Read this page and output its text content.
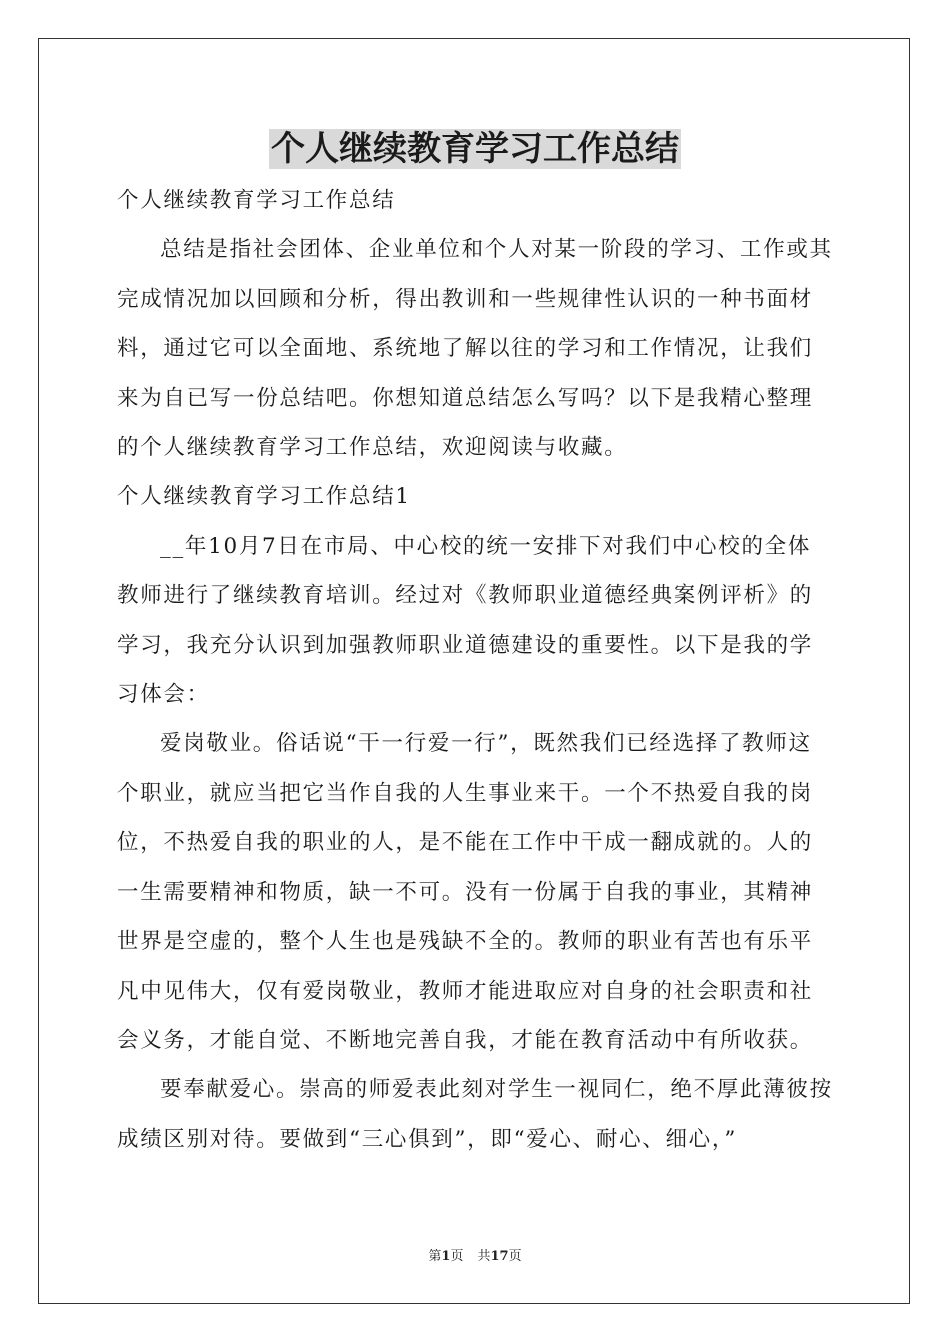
个人继续教育学习工作总结

个人继续教育学习工作总结

总结是指社会团体、企业单位和个人对某一阶段的学习、工作或其完成情况加以回顾和分析，得出教训和一些规律性认识的一种书面材料，通过它可以全面地、系统地了解以往的学习和工作情况，让我们来为自已写一份总结吧。你想知道总结怎么写吗？以下是我精心整理的个人继续教育学习工作总结，欢迎阅读与收藏。

个人继续教育学习工作总结1

__年10月7日在市局、中心校的统一安排下对我们中心校的全体教师进行了继续教育培训。经过对《教师职业道德经典案例评析》的学习，我充分认识到加强教师职业道德建设的重要性。以下是我的学习体会：

爱岗敬业。俗话说“干一行爱一行”，既然我们已经选择了教师这个职业，就应当把它当作自我的人生事业来干。一个不热爱自我的岗位，不热爱自我的职业的人，是不能在工作中干成一翻成就的。人的一生需要精神和物质，缺一不可。没有一份属于自我的事业，其精神世界是空虚的，整个人生也是残缺不全的。教师的职业有苦也有乐平凡中见伟大，仅有爱岗敬业，教师才能进取应对自身的社会职责和社会义务，才能自觉、不断地完善自我，才能在教育活动中有所收获。

要奉献爱心。崇高的师爱表此刻对学生一视同仁，绝不厚此薄彼按成绩区别对待。要做到“三心俱到”，即“爱心、耐心、细心，”

第1页 共17页
